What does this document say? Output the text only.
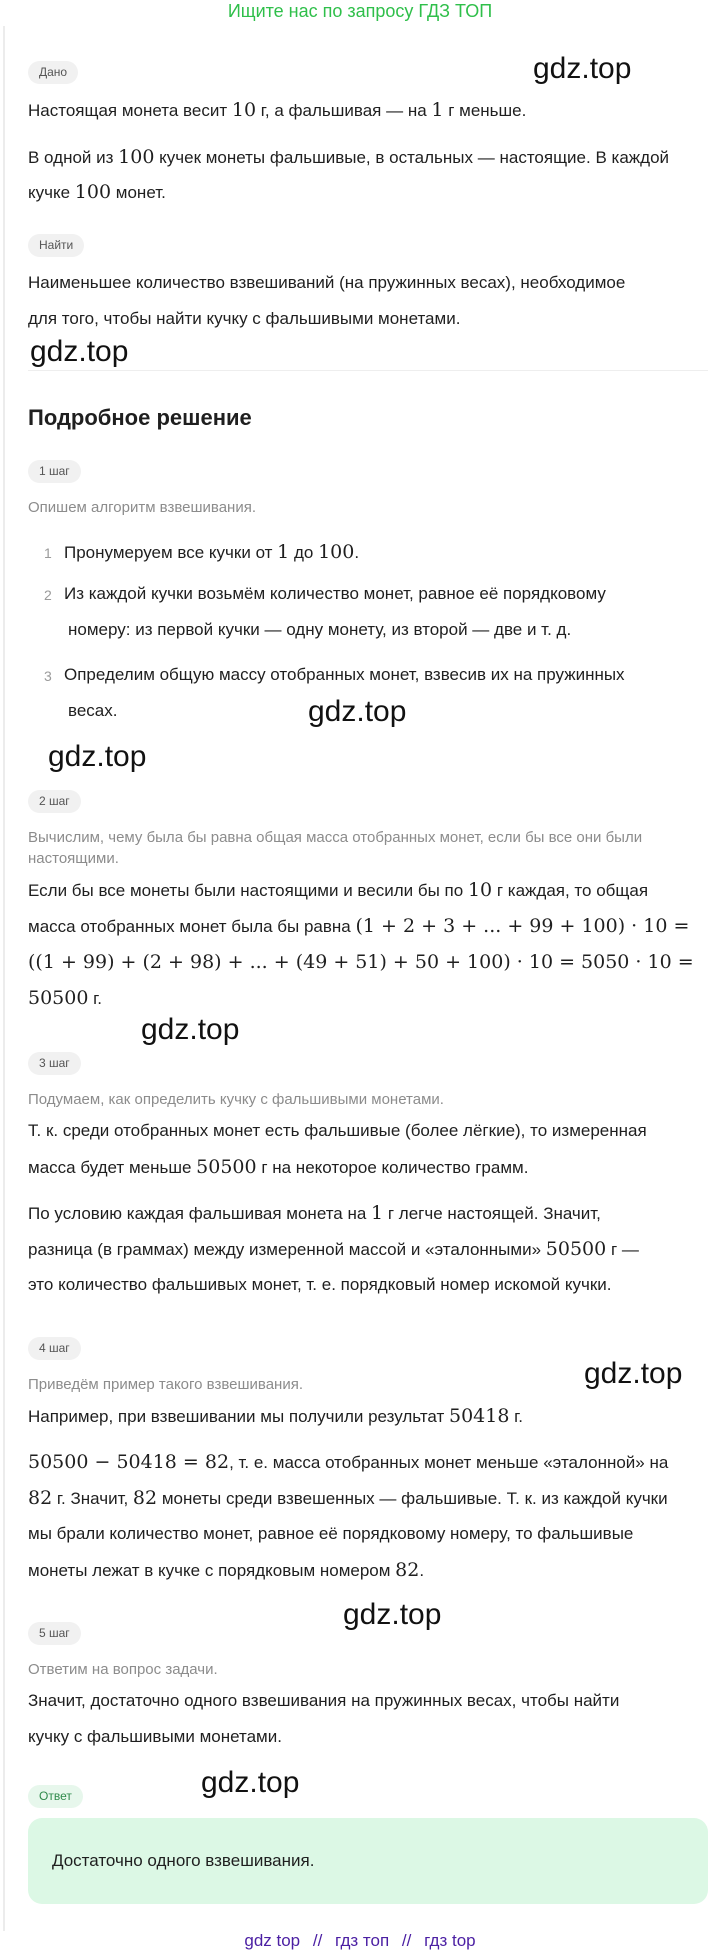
Ищите нас по запросу ГДЗ ТОП
Дано
Настоящая монета весит 10 г, а фальшивая — на 1 г меньше.
В одной из 100 кучек монеты фальшивые, в остальных — настоящие. В каждой
кучке 100 монет.
Найти
Наименьшее количество взвешиваний (на пружинных весах), необходимое
для того, чтобы найти кучку с фальшивыми монетами.
Подробное решение
1 шаг
Опишем алгоритм взвешивания.
1 Пронумеруем все кучки от 1 до 100.
2 Из каждой кучки возьмём количество монет, равное её порядковому
номеру: из первой кучки — одну монету, из второй — две и т. д.
3 Определим общую массу отобранных монет, взвесив их на пружинных
весах.
2 шаг
Вычислим, чему была бы равна общая масса отобранных монет, если бы все они были
настоящими.
Если бы все монеты были настоящими и весили бы по 10 г каждая, то общая
масса отобранных монет была бы равна (1 + 2 + 3 + ... + 99 + 100) · 10 =
((1 + 99) + (2 + 98) + ... + (49 + 51) + 50 + 100) · 10 = 5050 · 10 =
50500 г.
3 шаг
Подумаем, как определить кучку с фальшивыми монетами.
Т. к. среди отобранных монет есть фальшивые (более лёгкие), то измеренная
масса будет меньше 50500 г на некоторое количество грамм.
По условию каждая фальшивая монета на 1 г легче настоящей. Значит,
разница (в граммах) между измеренной массой и «эталонными» 50500 г —
это количество фальшивых монет, т. е. порядковый номер искомой кучки.
4 шаг
Приведём пример такого взвешивания.
Например, при взвешивании мы получили результат 50418 г.
50500 − 50418 = 82, т. е. масса отобранных монет меньше «эталонной» на
82 г. Значит, 82 монеты среди взвешенных — фальшивые. Т. к. из каждой кучки
мы брали количество монет, равное её порядковому номеру, то фальшивые
монеты лежат в кучке с порядковым номером 82.
5 шаг
Ответим на вопрос задачи.
Значит, достаточно одного взвешивания на пружинных весах, чтобы найти
кучку с фальшивыми монетами.
Ответ
Достаточно одного взвешивания.
gdz.top
gdz.top
gdz.top
gdz.top
gdz.top
gdz.top
gdz.top
gdz.top
gdz top // гдз топ // гдз top
